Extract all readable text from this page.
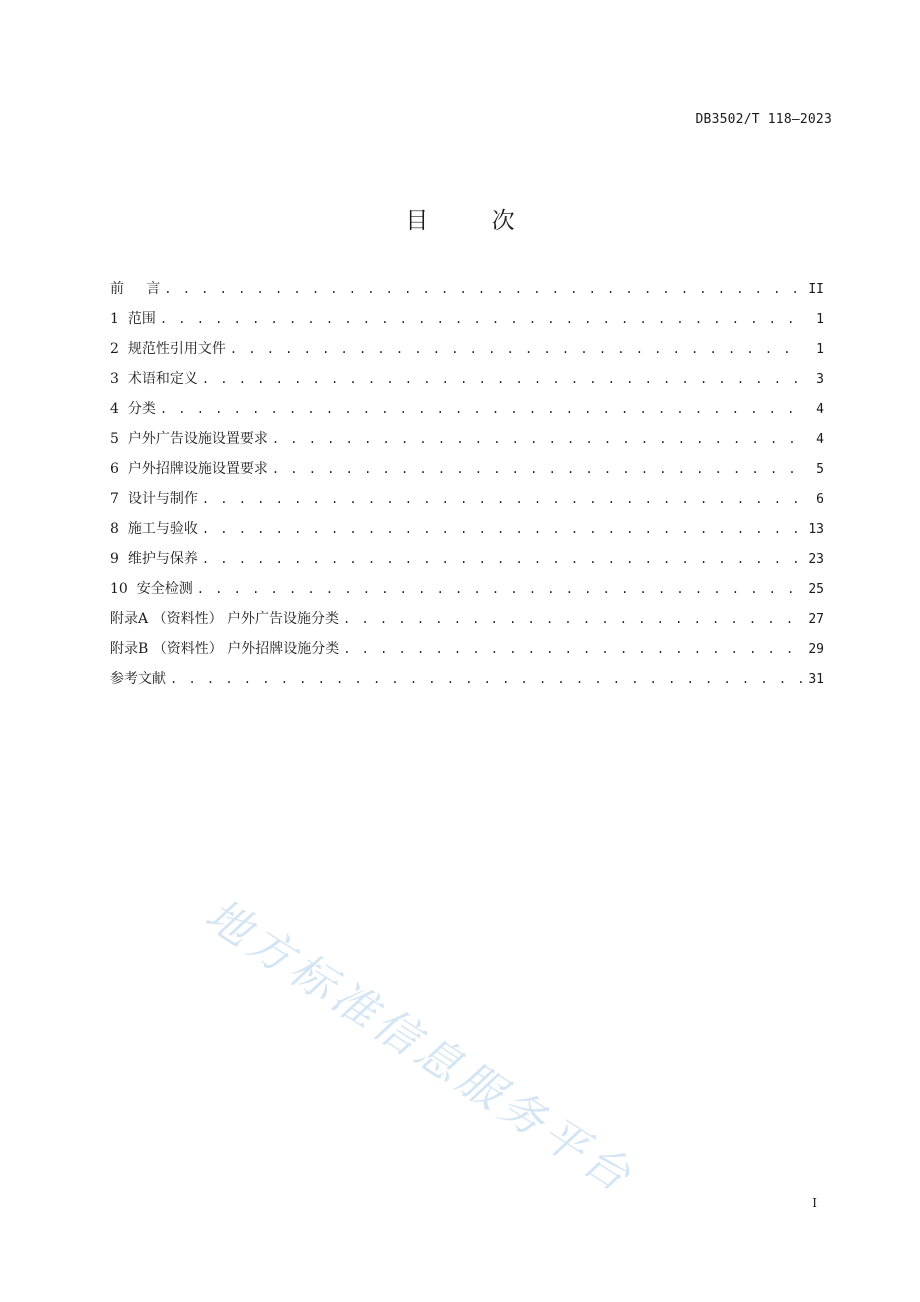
DB3502/T 118—2023
目 次
前 言 . . .	II
1 范围 . . .	1
2 规范性引用文件 . . .	1
3 术语和定义 . . .	3
4 分类 . . .	4
5 户外广告设施设置要求 . . .	4
6 户外招牌设施设置要求 . . .	5
7 设计与制作 . . .	6
8 施工与验收 . . .	13
9 维护与保养 . . .	23
10 安全检测 . . .	25
附录A （资料性） 户外广告设施分类 . . .	27
附录B （资料性） 户外招牌设施分类 . . .	29
参考文献 . . .	31
地方标准信息服务平台	I
